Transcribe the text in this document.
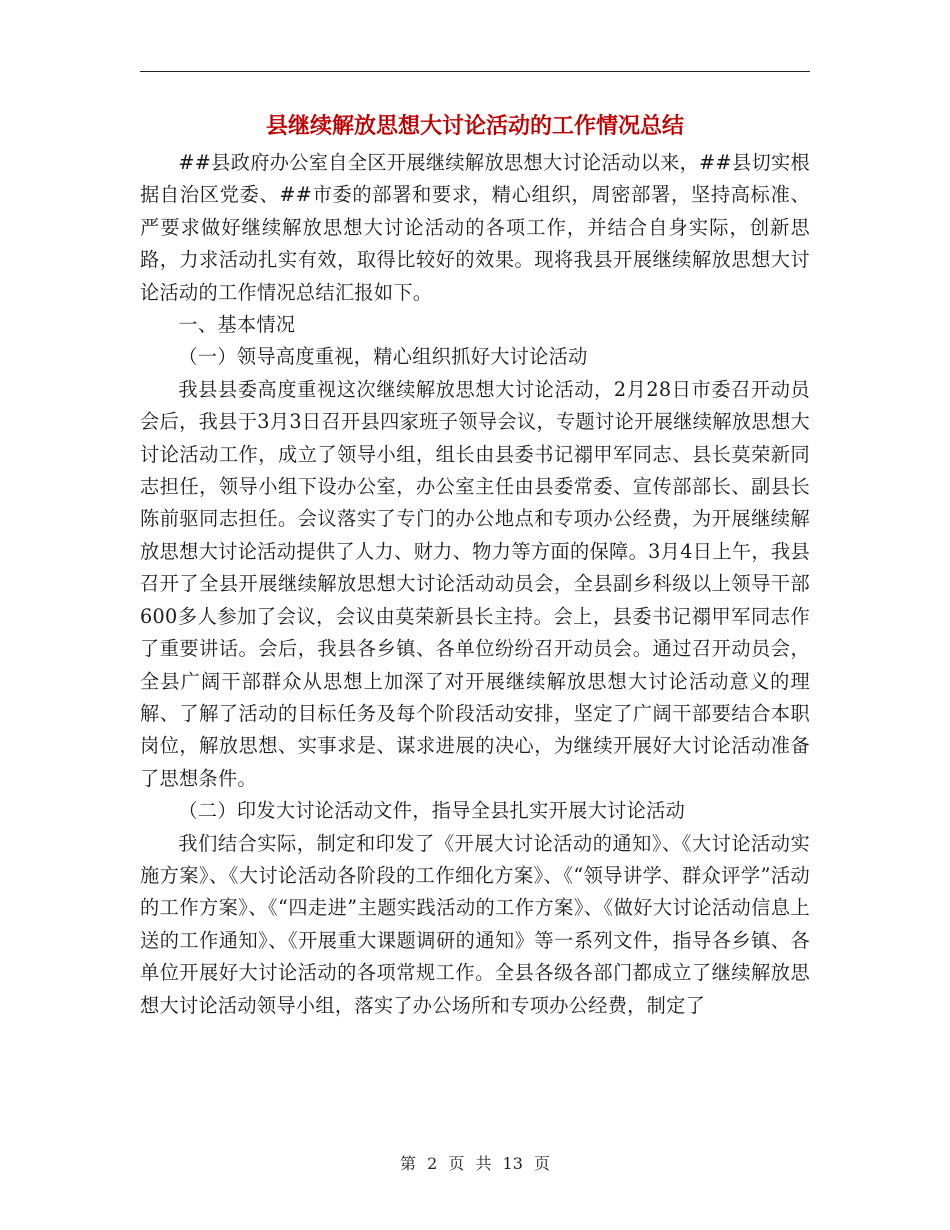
县继续解放思想大讨论活动的工作情况总结

##县政府办公室自全区开展继续解放思想大讨论活动以来，##县切实根据自治区党委、##市委的部署和要求，精心组织，周密部署，坚持高标准、严要求做好继续解放思想大讨论活动的各项工作，并结合自身实际，创新思路，力求活动扎实有效，取得比较好的效果。现将我县开展继续解放思想大讨论活动的工作情况总结汇报如下。

一、基本情况

（一）领导高度重视，精心组织抓好大讨论活动

我县县委高度重视这次继续解放思想大讨论活动，2月28日市委召开动员会后，我县于3月3日召开县四家班子领导会议，专题讨论开展继续解放思想大讨论活动工作，成立了领导小组，组长由县委书记禤甲军同志、县长莫荣新同志担任，领导小组下设办公室，办公室主任由县委常委、宣传部部长、副县长陈前驱同志担任。会议落实了专门的办公地点和专项办公经费，为开展继续解放思想大讨论活动提供了人力、财力、物力等方面的保障。3月4日上午，我县召开了全县开展继续解放思想大讨论活动动员会，全县副乡科级以上领导干部600多人参加了会议，会议由莫荣新县长主持。会上，县委书记禤甲军同志作了重要讲话。会后，我县各乡镇、各单位纷纷召开动员会。通过召开动员会，全县广阔干部群众从思想上加深了对开展继续解放思想大讨论活动意义的理解、了解了活动的目标任务及每个阶段活动安排，坚定了广阔干部要结合本职岗位，解放思想、实事求是、谋求进展的决心，为继续开展好大讨论活动准备了思想条件。

（二）印发大讨论活动文件，指导全县扎实开展大讨论活动

我们结合实际，制定和印发了《开展大讨论活动的通知》、《大讨论活动实施方案》、《大讨论活动各阶段的工作细化方案》、《“领导讲学、群众评学”活动的工作方案》、《“四走进”主题实践活动的工作方案》、《做好大讨论活动信息上送的工作通知》、《开展重大课题调研的通知》等一系列文件，指导各乡镇、各单位开展好大讨论活动的各项常规工作。全县各级各部门都成立了继续解放思想大讨论活动领导小组，落实了办公场所和专项办公经费，制定了

第 2 页 共 13 页
